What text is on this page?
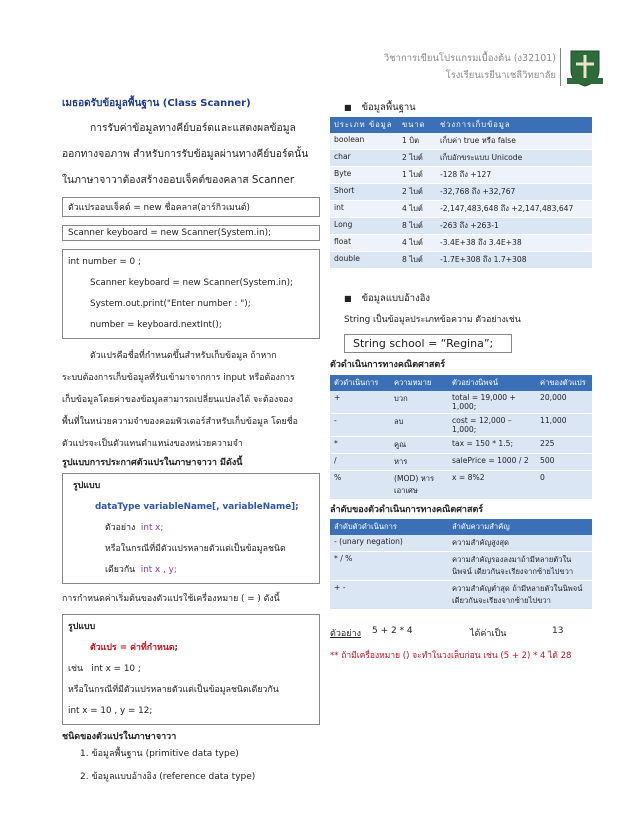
วิชาการเขียนโปรแกรมเบื้องต้น (ง32101)
โรงเรียนเรยีนาเชลีวิทยาลัย

เมธอดรับข้อมูลพื้นฐาน (Class Scanner)

การรับค่าข้อมูลทางคีย์บอร์ดและแสดงผลข้อมูล

ออกทางจอภาพ สำหรับการรับข้อมูลผ่านทางคีย์บอร์ดนั้น

ในภาษาจาวาต้องสร้างออบเจ็คต์ของคลาส Scanner

ตัวแปรออบเจ็คต์ = new ชื่อคลาส(อาร์กิวเมนต์)
Scanner keyboard = new Scanner(System.in);
int number = 0 ;
Scanner keyboard = new Scanner(System.in);
System.out.print("Enter number : ");
number = keyboard.nextInt();

ตัวแปรคือชื่อที่กำหนดขึ้นสำหรับเก็บข้อมูล ถ้าหาก

ระบบต้องการเก็บข้อมูลที่รับเข้ามาจากการ input หรือต้องการ

เก็บข้อมูลโดยค่าของข้อมูลสามารถเปลี่ยนแปลงได้ จะต้องจอง

พื้นที่ในหน่วยความจำของคอมพิวเตอร์สำหรับเก็บข้อมูล โดยชื่อ

ตัวแปรจะเป็นตัวแทนตำแหน่งของหน่วยความจำ

รูปแบบการประกาศตัวแปรในภาษาจาวา มีดังนี้

รูปแบบ
dataType variableName[, variableName];
ตัวอย่าง int x;
หรือในกรณีที่มีตัวแปรหลายตัวแต่เป็นข้อมูลชนิด
เดียวกัน int x , y;

การกำหนดค่าเริ่มต้นของตัวแปรใช้เครื่องหมาย ( = ) ดังนี้

รูปแบบ
ตัวแปร = ค่าที่กำหนด;
เช่น int x = 10 ;
หรือในกรณีที่มีตัวแปรหลายตัวแต่เป็นข้อมูลชนิดเดียวกัน
int x = 10 , y = 12;

ชนิดของตัวแปรในภาษาจาวา

1. ข้อมูลพื้นฐาน (primitive data type)
2. ข้อมูลแบบอ้างอิง (reference data type)
■ ข้อมูลพื้นฐาน
ประเภท ข้อมูล	ขนาด	ช่วงการเก็บข้อมูล
boolean	1 บิต	เก็บค่า true หรือ false
char	2 ไบต์	เก็บอักขระแบบ Unicode
Byte	1 ไบต์	-128 ถึง +127
Short	2 ไบต์	-32,768 ถึง +32,767
int	4 ไบต์	-2,147,483,648 ถึง +2,147,483,647
Long	8 ไบต์	-263 ถึง +263-1
float	4 ไบต์	-3.4E+38 ถึง 3.4E+38
double	8 ไบต์	-1.7E+308 ถึง 1.7+308
■ ข้อมูลแบบอ้างอิง
String เป็นข้อมูลประเภทข้อความ ตัวอย่างเช่น
String school = “Regina”;

ตัวดำเนินการทางคณิตศาสตร์

ตัวดำเนินการ	ความหมาย	ตัวอย่างนิพจน์	ค่าของตัวแปร
+	บวก	total = 19,000 + 1,000;	20,000
-	ลบ	cost = 12,000 – 1,000;	11,000
*	คูณ	tax = 150 * 1.5;	225
/	หาร	salePrice = 1000 / 2	500
%	(MOD) หาร เอาเศษ	x = 8%2	0

ลำดับของตัวดำเนินการทางคณิตศาสตร์

ลำดับตัวดำเนินการ	ลำดับความสำคัญ
- (unary negation)	ความสำคัญสูงสุด
* / %	ความสำคัญรองลงมาถ้ามีหลายตัวในนิพจน์ เดียวกันจะเรียงจากซ้ายไปขวา
+ -	ความสำคัญต่ำสุด ถ้ามีหลายตัวในนิพจน์ เดียวกันจะเรียงจากซ้ายไปขวา
ตัวอย่าง 5 + 2 * 4	ได้ค่าเป็น	13
** ถ้ามีเครื่องหมาย () จะทำในวงเล็บก่อน เช่น (5 + 2) * 4 ได้ 28
